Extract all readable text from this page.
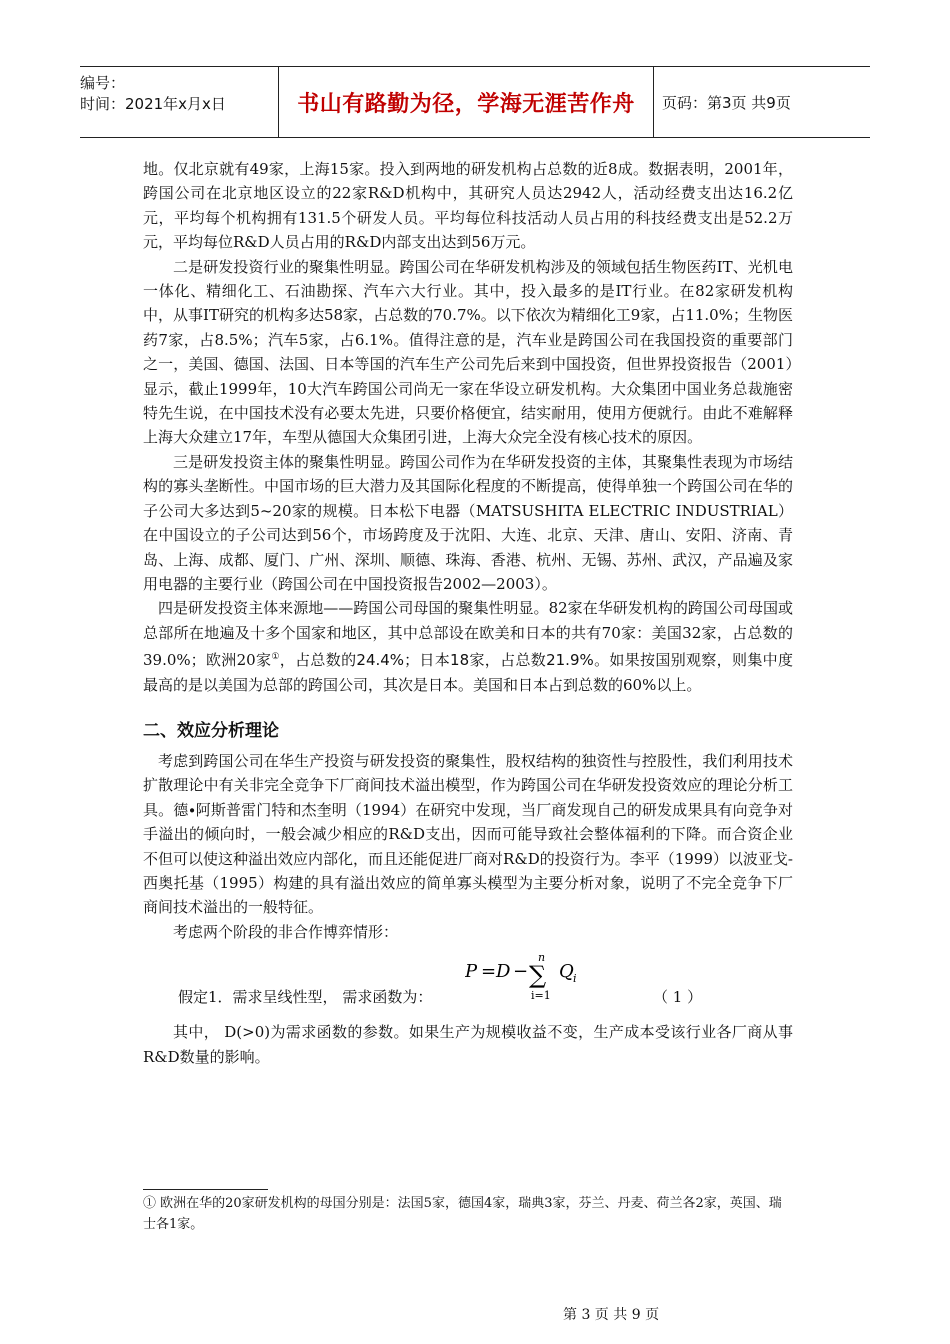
编号：
时间：2021年x月x日	书山有路勤为径，学海无涯苦作舟	页码：第3页 共9页

地。仅北京就有49家，上海15家。投入到两地的研发机构占总数的近8成。数据表明，2001年，跨国公司在北京地区设立的22家R&D机构中，其研究人员达2942人，活动经费支出达16.2亿元，平均每个机构拥有131.5个研发人员。平均每位科技活动人员占用的科技经费支出是52.2万元，平均每位R&D人员占用的R&D内部支出达到56万元。

二是研发投资行业的聚集性明显。跨国公司在华研发机构涉及的领域包括生物医药IT、光机电一体化、精细化工、石油勘探、汽车六大行业。其中，投入最多的是IT行业。在82家研发机构中，从事IT研究的机构多达58家，占总数的70.7%。以下依次为精细化工9家，占11.0%；生物医药7家，占8.5%；汽车5家，占6.1%。值得注意的是，汽车业是跨国公司在我国投资的重要部门之一，美国、德国、法国、日本等国的汽车生产公司先后来到中国投资，但世界投资报告（2001）显示，截止1999年，10大汽车跨国公司尚无一家在华设立研发机构。大众集团中国业务总裁施密特先生说，在中国技术没有必要太先进，只要价格便宜，结实耐用，使用方便就行。由此不难解释上海大众建立17年，车型从德国大众集团引进，上海大众完全没有核心技术的原因。

三是研发投资主体的聚集性明显。跨国公司作为在华研发投资的主体，其聚集性表现为市场结构的寡头垄断性。中国市场的巨大潜力及其国际化程度的不断提高，使得单独一个跨国公司在华的子公司大多达到5~20家的规模。日本松下电器（MATSUSHITA ELECTRIC INDUSTRIAL）在中国设立的子公司达到56个，市场跨度及于沈阳、大连、北京、天津、唐山、安阳、济南、青岛、上海、成都、厦门、广州、深圳、顺德、珠海、香港、杭州、无锡、苏州、武汉，产品遍及家用电器的主要行业（跨国公司在中国投资报告2002—2003）。

四是研发投资主体来源地——跨国公司母国的聚集性明显。82家在华研发机构的跨国公司母国或总部所在地遍及十多个国家和地区，其中总部设在欧美和日本的共有70家：美国32家，占总数的39.0%；欧洲20家①，占总数的24.4%；日本18家，占总数21.9%。如果按国别观察，则集中度最高的是以美国为总部的跨国公司，其次是日本。美国和日本占到总数的60%以上。

二、效应分析理论

考虑到跨国公司在华生产投资与研发投资的聚集性，股权结构的独资性与控股性，我们利用技术扩散理论中有关非完全竞争下厂商间技术溢出模型，作为跨国公司在华研发投资效应的理论分析工具。德∙阿斯普雷门特和杰奎明（1994）在研究中发现，当厂商发现自己的研发成果具有向竞争对手溢出的倾向时，一般会减少相应的R&D支出，因而可能导致社会整体福利的下降。而合资企业不但可以使这种溢出效应内部化，而且还能促进厂商对R&D的投资行为。李平（1999）以波亚戈-西奥托基（1995）构建的具有溢出效应的简单寡头模型为主要分析对象，说明了不完全竞争下厂商间技术溢出的一般特征。

考虑两个阶段的非合作博弈情形：

假定1．需求呈线性型， 需求函数为：
P = D −
n
∑
i=1
Q i
（ 1 ）

其中， D(>0)为需求函数的参数。如果生产为规模收益不变，生产成本受该行业各厂商从事R&D数量的影响。

① 欧洲在华的20家研发机构的母国分别是：法国5家，德国4家，瑞典3家，芬兰、丹麦、荷兰各2家，英国、瑞士各1家。
第 3 页 共 9 页
